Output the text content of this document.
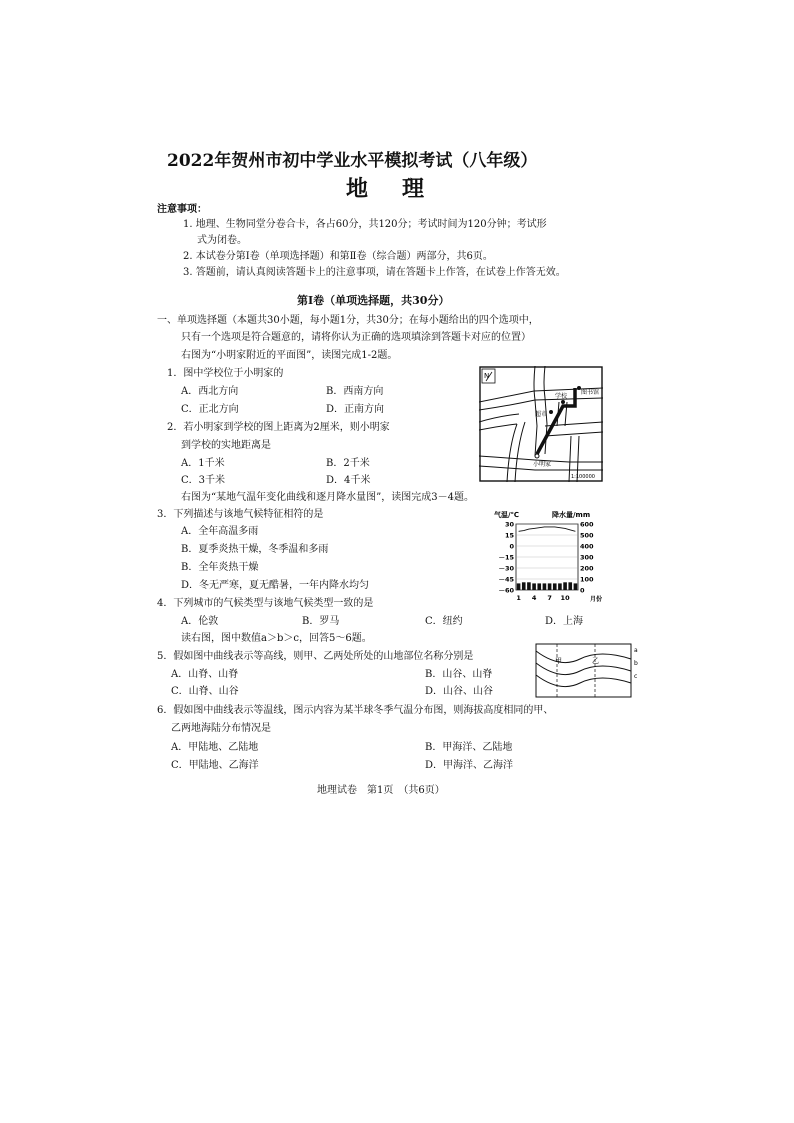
2022年贺州市初中学业水平模拟考试（八年级）
地　理
注意事项：
1. 地理、生物同堂分卷合卡，各占60分，共120分；考试时间为120分钟；考试形
式为闭卷。
2. 本试卷分第Ⅰ卷（单项选择题）和第Ⅱ卷（综合题）两部分，共6页。
3. 答题前，请认真阅读答题卡上的注意事项，请在答题卡上作答，在试卷上作答无效。
第Ⅰ卷（单项选择题，共30分）
一、单项选择题（本题共30小题，每小题1分，共30分；在每小题给出的四个选项中，
只有一个选项是符合题意的，请将你认为正确的选项填涂到答题卡对应的位置）
右图为“小明家附近的平面图”，读图完成1-2题。
1．图中学校位于小明家的
A．西北方向	B．西南方向
C．正北方向	D．正南方向
2．若小明家到学校的图上距离为2厘米，则小明家
到学校的实地距离是
A．1千米	B．2千米
C．3千米	D．4千米
N
学校
图书馆
超市
小明家
1:100000
右图为“某地气温年变化曲线和逐月降水量图”，读图完成3－4题。
3．下列描述与该地气候特征相符的是
A．全年高温多雨
B．夏季炎热干燥，冬季温和多雨
B．全年炎热干燥
D．冬无严寒，夏无酷暑，一年内降水均匀
气温/℃	降水量/mm
30
15
0
－15
－30
－45
－60
600
500
400
300
200
100
0
1 4 7 10	月份
4．下列城市的气候类型与该地气候类型一致的是
A．伦敦	B．罗马	C．纽约	D．上海
读右图，图中数值a＞b＞c，回答5～6题。
5．假如图中曲线表示等高线，则甲、乙两处所处的山地部位名称分别是
A．山脊、山脊	B．山谷、山脊
C．山脊、山谷	D．山谷、山谷
甲	乙
a
b
c
6．假如图中曲线表示等温线，图示内容为某半球冬季气温分布图，则海拔高度相同的甲、
乙两地海陆分布情况是
A．甲陆地、乙陆地	B．甲海洋、乙陆地
C．甲陆地、乙海洋	D．甲海洋、乙海洋
地理试卷　第1页　（共6页）
